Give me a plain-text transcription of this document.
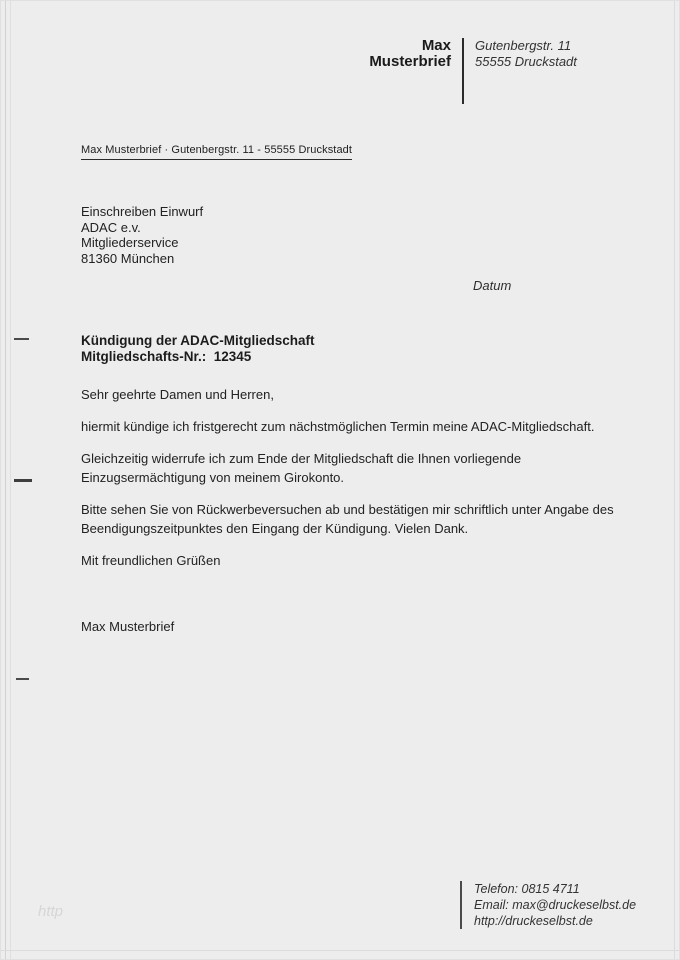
Max
Musterbrief
Gutenbergstr. 11
55555 Druckstadt
Max Musterbrief · Gutenbergstr. 11 - 55555 Druckstadt
Einschreiben Einwurf
ADAC e.v.
Mitgliederservice
81360 München
Datum
Kündigung der ADAC-Mitgliedschaft
Mitgliedschafts-Nr.:  12345

Sehr geehrte Damen und Herren,

hiermit kündige ich fristgerecht zum nächstmöglichen Termin meine ADAC-Mitgliedschaft.

Gleichzeitig widerrufe ich zum Ende der Mitgliedschaft die Ihnen vorliegende Einzugsermächtigung von meinem Girokonto.

Bitte sehen Sie von Rückwerbeversuchen ab und bestätigen mir schriftlich unter Angabe des Beendigungszeitpunktes den Eingang der Kündigung. Vielen Dank.

Mit freundlichen Grüßen

Max Musterbrief

Telefon: 0815 4711
Email: max@druckeselbst.de
http://druckeselbst.de
http
